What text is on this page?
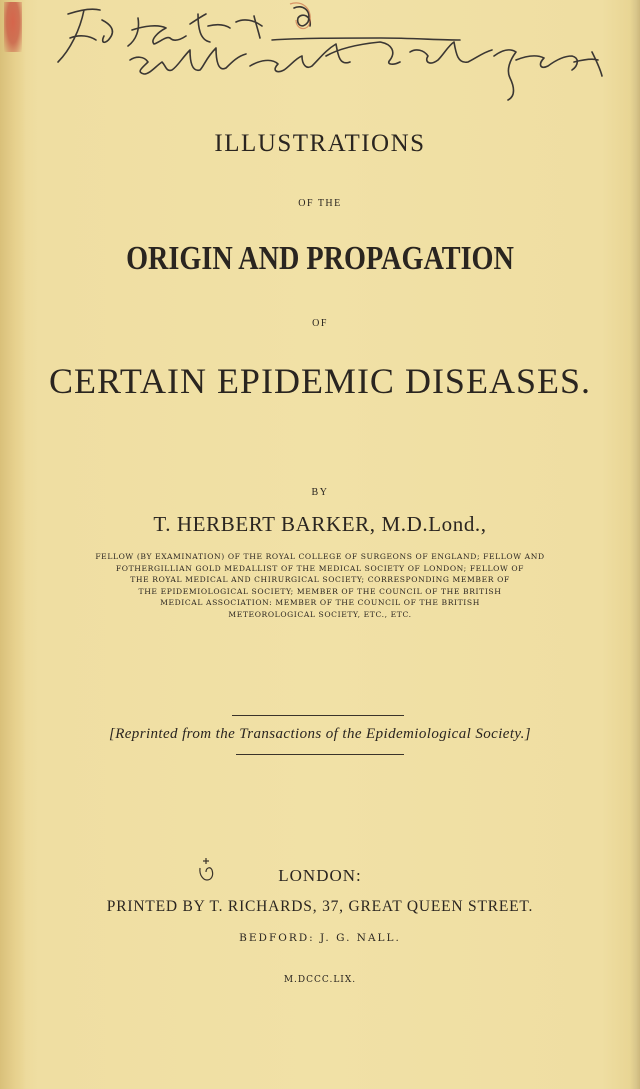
ILLUSTRATIONS
OF THE
ORIGIN AND PROPAGATION
OF
CERTAIN EPIDEMIC DISEASES.
BY
T. HERBERT BARKER, M.D.Lond.,
FELLOW (BY EXAMINATION) OF THE ROYAL COLLEGE OF SURGEONS OF ENGLAND; FELLOW AND
FOTHERGILLIAN GOLD MEDALLIST OF THE MEDICAL SOCIETY OF LONDON; FELLOW OF
THE ROYAL MEDICAL AND CHIRURGICAL SOCIETY; CORRESPONDING MEMBER OF
THE EPIDEMIOLOGICAL SOCIETY; MEMBER OF THE COUNCIL OF THE BRITISH
MEDICAL ASSOCIATION: MEMBER OF THE COUNCIL OF THE BRITISH
METEOROLOGICAL SOCIETY, ETC., ETC.
[Reprinted from the Transactions of the Epidemiological Society.]
LONDON:
PRINTED BY T. RICHARDS, 37, GREAT QUEEN STREET.
BEDFORD: J. G. NALL.
M.DCCC.LIX.
